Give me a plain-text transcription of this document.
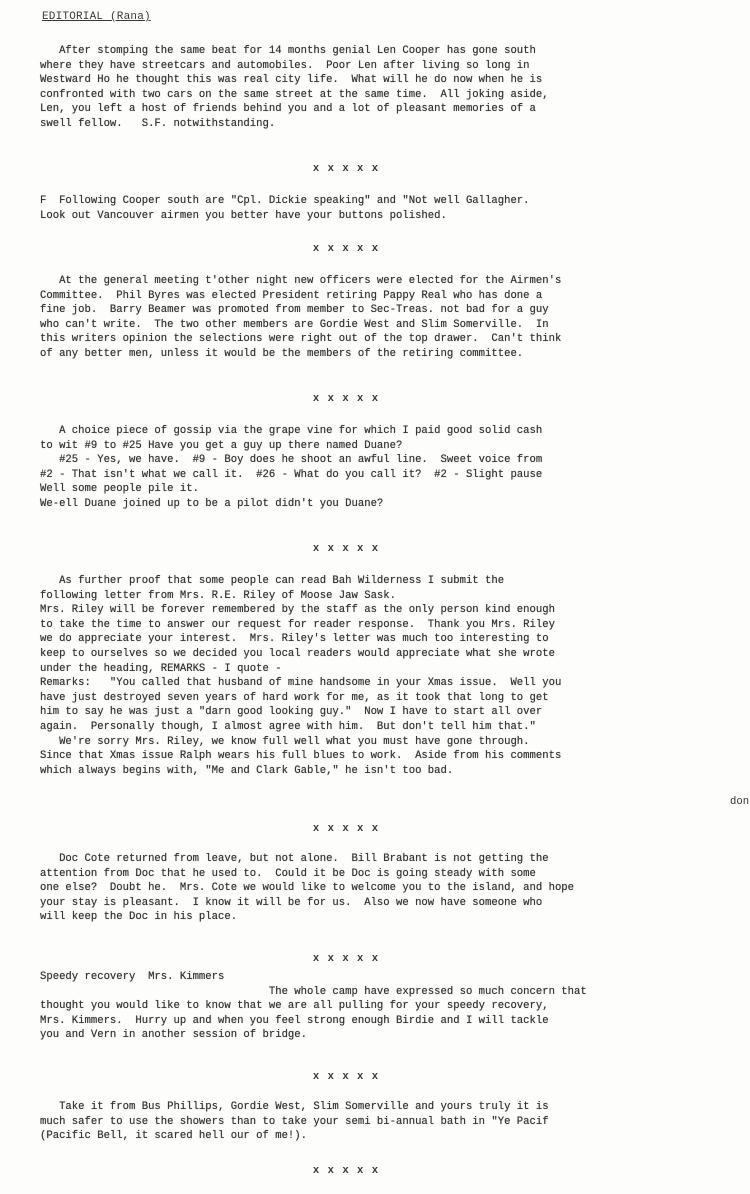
EDITORIAL (Rana)
After stomping the same beat for 14 months genial Len Cooper has gone south
where they have streetcars and automobiles.  Poor Len after living so long in
Westward Ho he thought this was real city life.  What will he do now when he is
confronted with two cars on the same street at the same time.  All joking aside,
Len, you left a host of friends behind you and a lot of pleasant memories of a
swell fellow.   S.F. notwithstanding.
x x x x x
F  Following Cooper south are "Cpl. Dickie speaking" and "Not well Gallagher.
Look out Vancouver airmen you better have your buttons polished.
x x x x x
At the general meeting t'other night new officers were elected for the Airmen's
Committee.  Phil Byres was elected President retiring Pappy Real who has done a
fine job.  Barry Beamer was promoted from member to Sec-Treas. not bad for a guy
who can't write.  The two other members are Gordie West and Slim Somerville.  In
this writers opinion the selections were right out of the top drawer.  Can't think
of any better men, unless it would be the members of the retiring committee.
x x x x x
A choice piece of gossip via the grape vine for which I paid good solid cash
to wit #9 to #25 Have you get a guy up there named Duane?
#25 - Yes, we have.  #9 - Boy does he shoot an awful line.  Sweet voice from
#2 - That isn't what we call it.  #26 - What do you call it?  #2 - Slight pause
Well some people pile it.
We-ell Duane joined up to be a pilot didn't you Duane?
x x x x x
As further proof that some people can read Bah Wilderness I submit the
following letter from Mrs. R.E. Riley of Moose Jaw Sask.
Mrs. Riley will be forever remembered by the staff as the only person kind enough
to take the time to answer our request for reader response.  Thank you Mrs. Riley
we do appreciate your interest.  Mrs. Riley's letter was much too interesting to
keep to ourselves so we decided you local readers would appreciate what she wrote
under the heading, REMARKS - I quote -
Remarks:   "You called that husband of mine handsome in your Xmas issue.  Well you
have just destroyed seven years of hard work for me, as it took that long to get
him to say he was just a "darn good looking guy."  Now I have to start all over
again.  Personally though, I almost agree with him.  But don't tell him that."
We're sorry Mrs. Riley, we know full well what you must have gone through.
Since that Xmas issue Ralph wears his full blues to work.  Aside from his comments
which always begins with, "Me and Clark Gable," he isn't too bad.
don
x x x x x
Doc Cote returned from leave, but not alone.  Bill Brabant is not getting the
attention from Doc that he used to.  Could it be Doc is going steady with some
one else?  Doubt he.  Mrs. Cote we would like to welcome you to the island, and hope
your stay is pleasant.  I know it will be for us.  Also we now have someone who
will keep the Doc in his place.
x x x x x
Speedy recovery  Mrs. Kimmers
The whole camp have expressed so much concern that
thought you would like to know that we are all pulling for your speedy recovery,
Mrs. Kimmers.  Hurry up and when you feel strong enough Birdie and I will tackle
you and Vern in another session of bridge.
x x x x x
Take it from Bus Phillips, Gordie West, Slim Somerville and yours truly it is
much safer to use the showers than to take your semi bi-annual bath in "Ye Pacif
(Pacific Bell, it scared hell our of me!).
x x x x x
